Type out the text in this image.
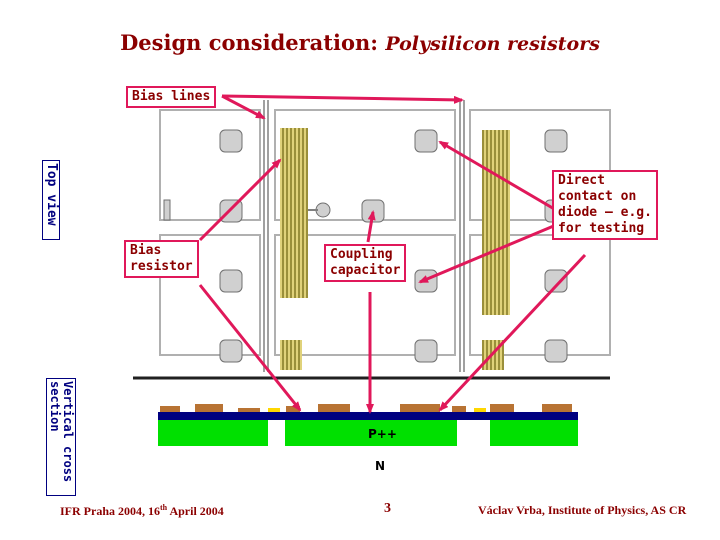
Design consideration: Polysilicon resistors
P++
N
Bias lines
Bias
resistor
Coupling
capacitor
Direct
contact on
diode – e.g.
for testing
Top view
Vertical cross section
IFR Praha 2004, 16th April 2004	3	Václav Vrba, Institute of Physics, AS CR
